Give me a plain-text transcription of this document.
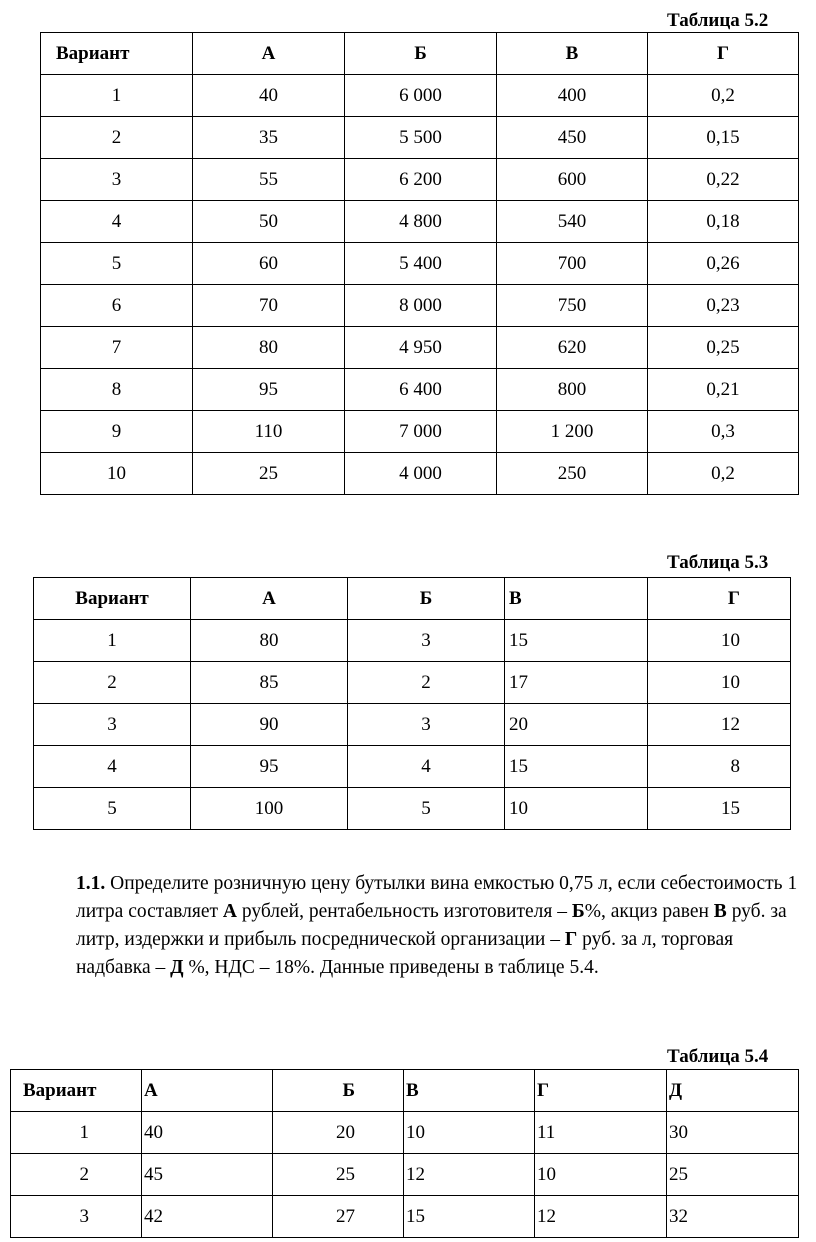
Таблица 5.2
Вариант	А	Б	В	Г

1	40	6 000	400	0,2

2	35	5 500	450	0,15

3	55	6 200	600	0,22

4	50	4 800	540	0,18

5	60	5 400	700	0,26

6	70	8 000	750	0,23

7	80	4 950	620	0,25

8	95	6 400	800	0,21

9	110	7 000	1 200	0,3

10	25	4 000	250	0,2
Таблица 5.3
Вариант	А	Б	В	Г

1	80	3	15	10

2	85	2	17	10

3	90	3	20	12

4	95	4	15	8

5	100	5	10	15
1.1. Определите розничную цену бутылки вина емкостью 0,75 л, если себестоимость 1 литра составляет А рублей, рентабельность изготовителя – Б%, акциз равен В руб. за литр, издержки и прибыль посреднической организации – Г руб. за л, торговая надбавка – Д %, НДС – 18%. Данные приведены в таблице 5.4.
Таблица 5.4
Вариант	А	Б	В	Г	Д

1	40	20	10	11	30

2	45	25	12	10	25

3	42	27	15	12	32
